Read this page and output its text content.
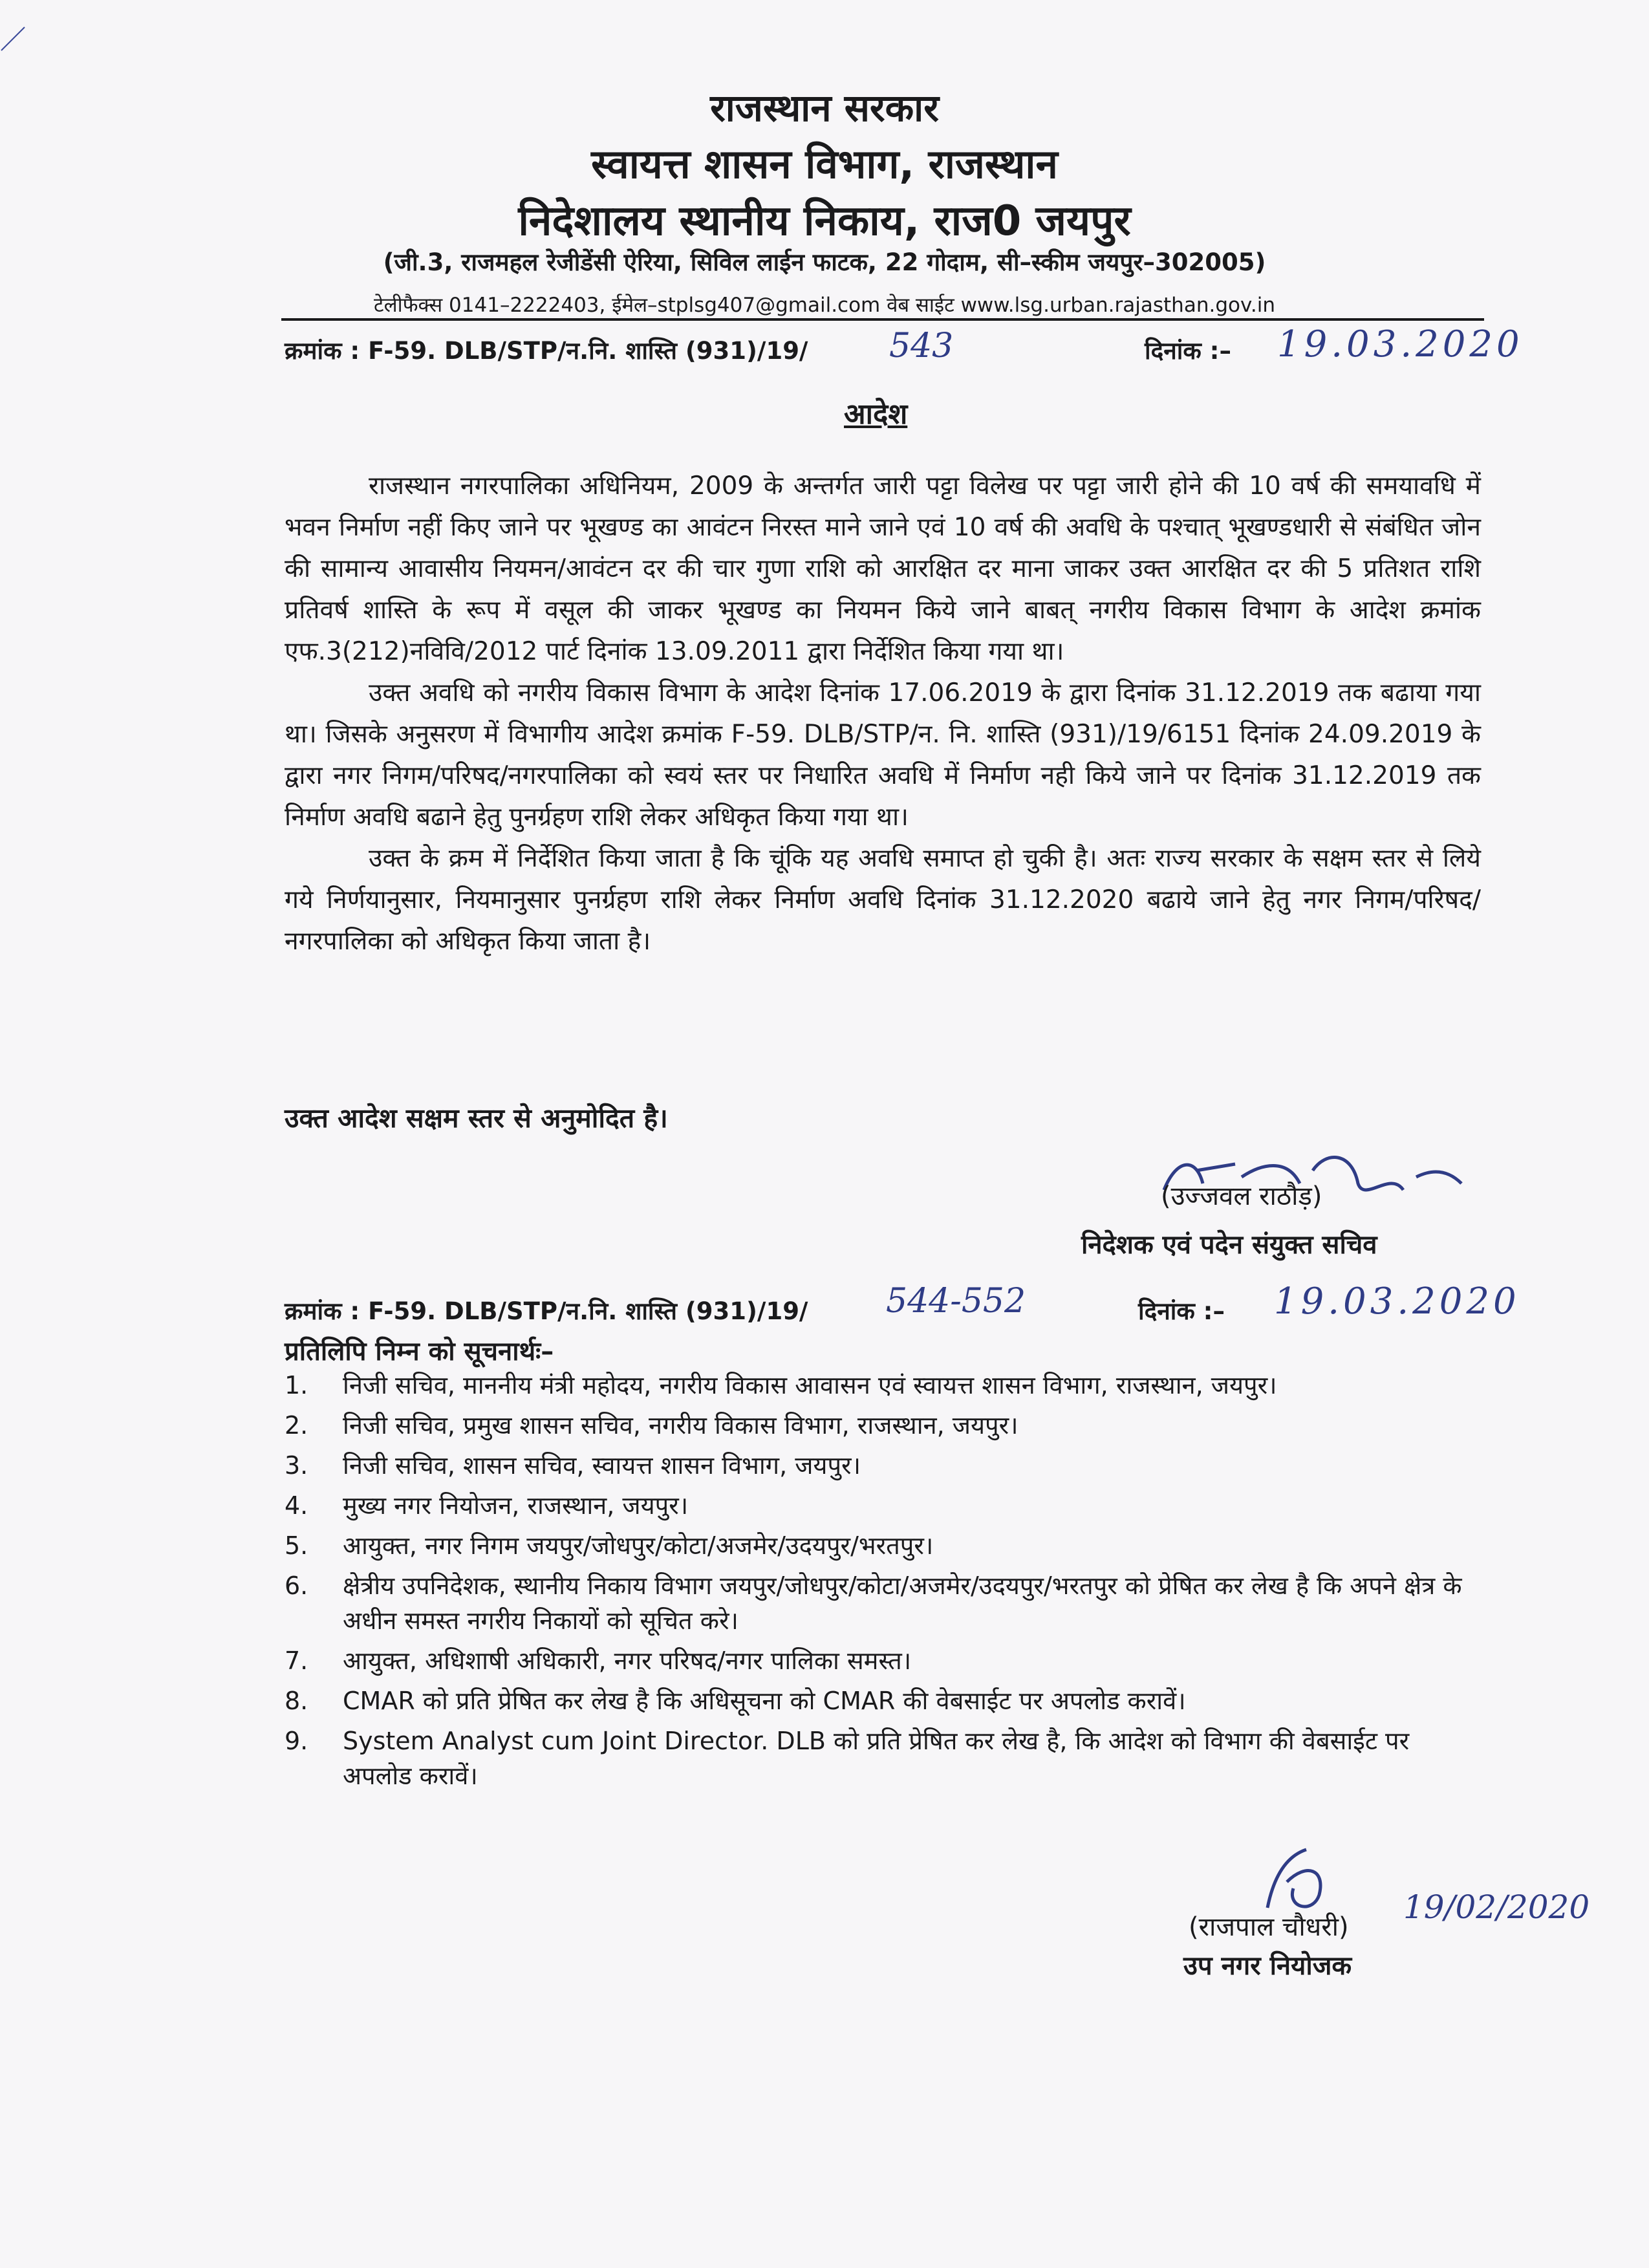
राजस्थान सरकार
स्वायत्त शासन विभाग, राजस्थान
निदेशालय स्थानीय निकाय, राज0 जयपुर
(जी.3, राजमहल रेजीडेंसी ऐरिया, सिविल लाईन फाटक, 22 गोदाम, सी–स्कीम जयपुर–302005)
टेलीफैक्स 0141–2222403, ईमेल–stplsg407@gmail.com वेब साईट www.lsg.urban.rajasthan.gov.in
क्रमांक : F-59. DLB/STP/न.नि. शास्ति (931)/19/ 543	दिनांक :– 19.03.2020
आदेश

राजस्थान नगरपालिका अधिनियम, 2009 के अन्तर्गत जारी पट्टा विलेख पर पट्टा जारी होने की 10 वर्ष की समयावधि में भवन निर्माण नहीं किए जाने पर भूखण्ड का आवंटन निरस्त माने जाने एवं 10 वर्ष की अवधि के पश्चात् भूखण्डधारी से संबंधित जोन की सामान्य आवासीय नियमन/आवंटन दर की चार गुणा राशि को आरक्षित दर माना जाकर उक्त आरक्षित दर की 5 प्रतिशत राशि प्रतिवर्ष शास्ति के रूप में वसूल की जाकर भूखण्ड का नियमन किये जाने बाबत् नगरीय विकास विभाग के आदेश क्रमांक एफ.3(212)नविवि/2012 पार्ट दिनांक 13.09.2011 द्वारा निर्देशित किया गया था।

उक्त अवधि को नगरीय विकास विभाग के आदेश दिनांक 17.06.2019 के द्वारा दिनांक 31.12.2019 तक बढाया गया था। जिसके अनुसरण में विभागीय आदेश क्रमांक F-59. DLB/STP/न. नि. शास्ति (931)/19/6151 दिनांक 24.09.2019 के द्वारा नगर निगम/परिषद/नगरपालिका को स्वयं स्तर पर निधारित अवधि में निर्माण नही किये जाने पर दिनांक 31.12.2019 तक निर्माण अवधि बढाने हेतु पुनर्ग्रहण राशि लेकर अधिकृत किया गया था।

उक्त के क्रम में निर्देशित किया जाता है कि चूंकि यह अवधि समाप्त हो चुकी है। अतः राज्य सरकार के सक्षम स्तर से लिये गये निर्णयानुसार, नियमानुसार पुनर्ग्रहण राशि लेकर निर्माण अवधि दिनांक 31.12.2020 बढाये जाने हेतु नगर निगम/परिषद/नगरपालिका को अधिकृत किया जाता है।

उक्त आदेश सक्षम स्तर से अनुमोदित है।
(उज्जवल राठौड़)
निदेशक एवं पदेन संयुक्त सचिव
क्रमांक : F-59. DLB/STP/न.नि. शास्ति (931)/19/ 544-552	दिनांक :– 19.03.2020
प्रतिलिपि निम्न को सूचनार्थः–
1.	निजी सचिव, माननीय मंत्री महोदय, नगरीय विकास आवासन एवं स्वायत्त शासन विभाग, राजस्थान, जयपुर।
2.	निजी सचिव, प्रमुख शासन सचिव, नगरीय विकास विभाग, राजस्थान, जयपुर।
3.	निजी सचिव, शासन सचिव, स्वायत्त शासन विभाग, जयपुर।
4.	मुख्य नगर नियोजन, राजस्थान, जयपुर।
5.	आयुक्त, नगर निगम जयपुर/जोधपुर/कोटा/अजमेर/उदयपुर/भरतपुर।
6.	क्षेत्रीय उपनिदेशक, स्थानीय निकाय विभाग जयपुर/जोधपुर/कोटा/अजमेर/उदयपुर/भरतपुर को प्रेषित कर लेख है कि अपने क्षेत्र के अधीन समस्त नगरीय निकायों को सूचित करे।
7.	आयुक्त, अधिशाषी अधिकारी, नगर परिषद/नगर पालिका समस्त।
8.	CMAR को प्रति प्रेषित कर लेख है कि अधिसूचना को CMAR की वेबसाईट पर अपलोड करावें।
9.	System Analyst cum Joint Director. DLB को प्रति प्रेषित कर लेख है, कि आदेश को विभाग की वेबसाईट पर अपलोड करावें।
(राजपाल चौधरी)
19/02/2020
उप नगर नियोजक
